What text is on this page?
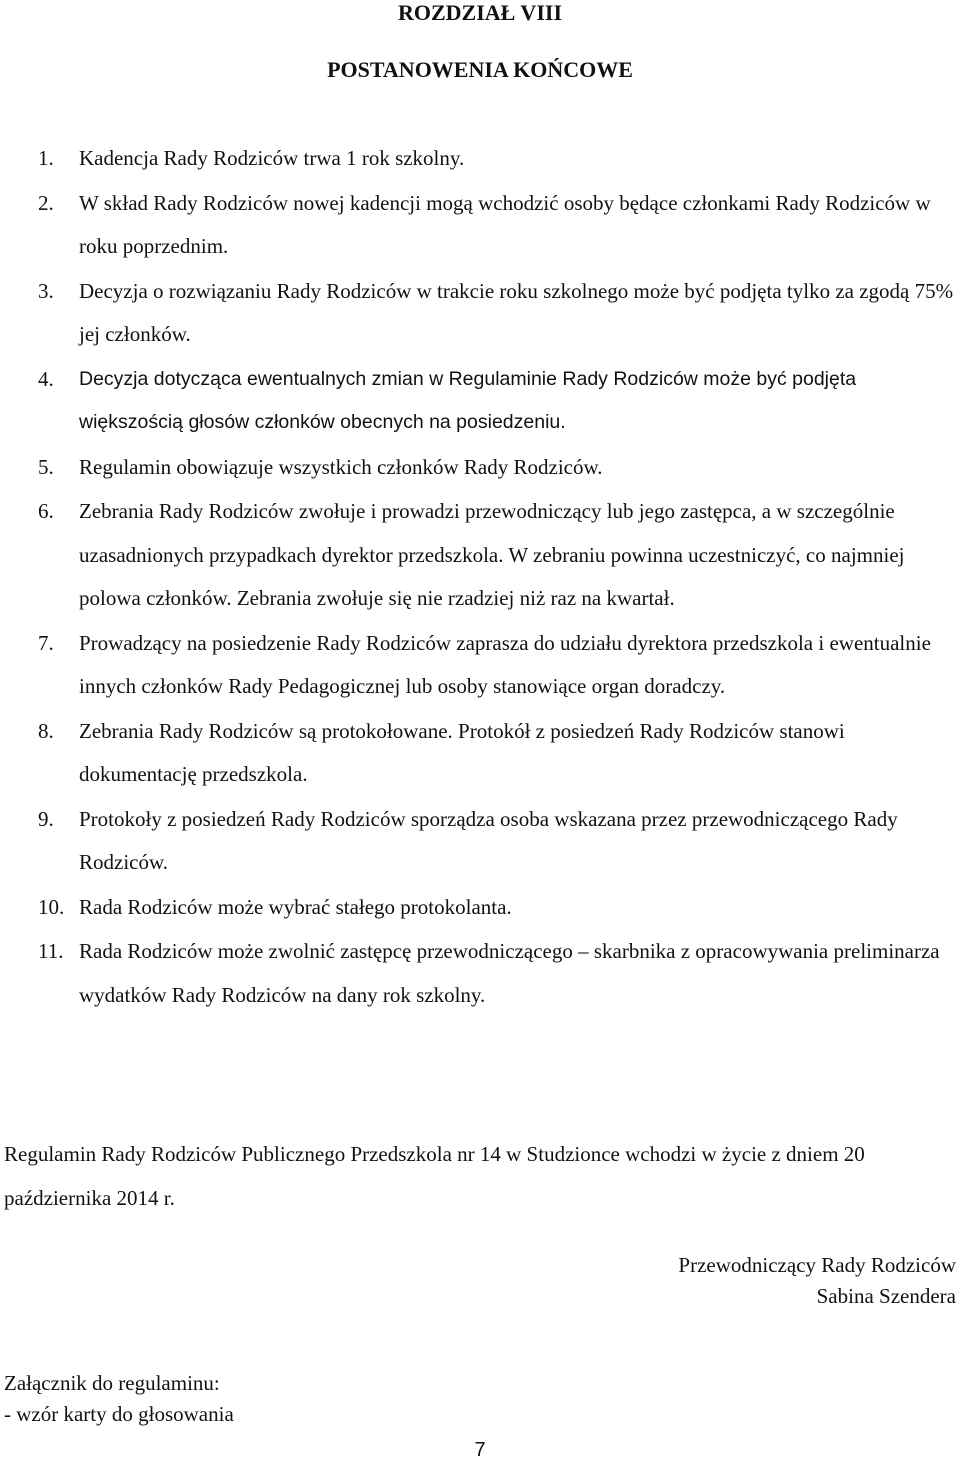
ROZDZIAŁ VIII
POSTANOWENIA KOŃCOWE
1.	Kadencja Rady Rodziców trwa 1 rok szkolny.
2.	W skład Rady Rodziców nowej kadencji mogą wchodzić osoby będące członkami Rady Rodziców w roku poprzednim.
3.	Decyzja o rozwiązaniu Rady Rodziców w trakcie roku szkolnego może być podjęta tylko za zgodą 75% jej członków.
4.	Decyzja dotycząca ewentualnych zmian w Regulaminie Rady Rodziców może być podjęta większością głosów członków obecnych na posiedzeniu.
5.	Regulamin obowiązuje wszystkich członków Rady Rodziców.
6.	Zebrania Rady Rodziców zwołuje i prowadzi przewodniczący lub jego zastępca, a w szczególnie uzasadnionych przypadkach dyrektor przedszkola. W zebraniu powinna uczestniczyć, co najmniej polowa członków. Zebrania zwołuje się nie rzadziej niż raz na kwartał.
7.	Prowadzący na posiedzenie Rady Rodziców zaprasza do udziału dyrektora przedszkola i ewentualnie innych członków Rady Pedagogicznej lub osoby stanowiące organ doradczy.
8.	Zebrania Rady Rodziców są protokołowane. Protokół z posiedzeń Rady Rodziców stanowi dokumentację przedszkola.
9.	Protokoły z posiedzeń Rady Rodziców sporządza osoba wskazana przez przewodniczącego Rady Rodziców.
10. Rada Rodziców może wybrać stałego protokolanta.
11. Rada Rodziców może zwolnić zastępcę przewodniczącego – skarbnika z opracowywania preliminarza wydatków Rady Rodziców na dany rok szkolny.

Regulamin Rady Rodziców Publicznego Przedszkola nr 14 w Studzionce wchodzi w życie z dniem 20 października 2014 r.

Przewodniczący Rady Rodziców
Sabina Szendera
Załącznik do regulaminu:
- wzór karty do głosowania
7
